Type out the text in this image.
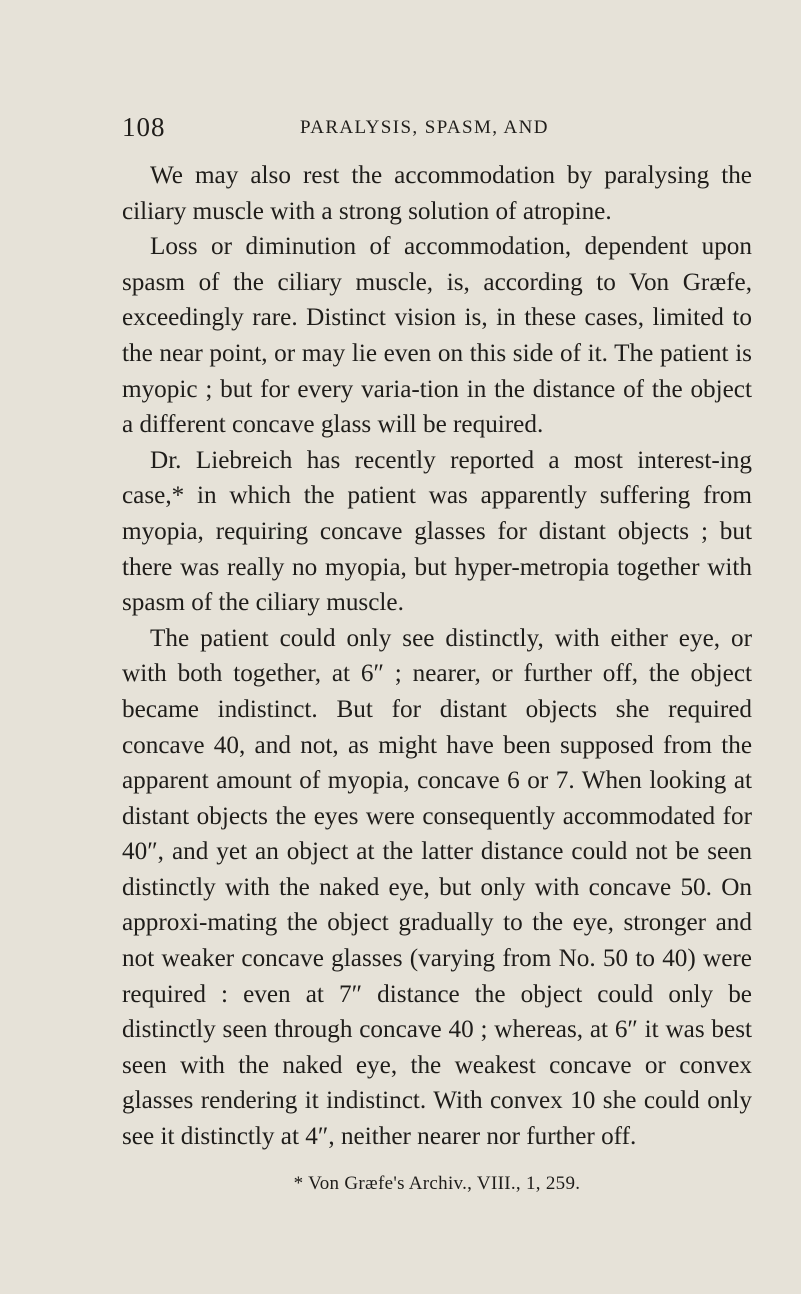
108	PARALYSIS, SPASM, AND

We may also rest the accommodation by paralysing the ciliary muscle with a strong solution of atropine.

Loss or diminution of accommodation, dependent upon spasm of the ciliary muscle, is, according to Von Græfe, exceedingly rare. Distinct vision is, in these cases, limited to the near point, or may lie even on this side of it. The patient is myopic ; but for every varia-tion in the distance of the object a different concave glass will be required.

Dr. Liebreich has recently reported a most interest-ing case,* in which the patient was apparently suffering from myopia, requiring concave glasses for distant objects ; but there was really no myopia, but hyper-metropia together with spasm of the ciliary muscle.

The patient could only see distinctly, with either eye, or with both together, at 6″ ; nearer, or further off, the object became indistinct. But for distant objects she required concave 40, and not, as might have been supposed from the apparent amount of myopia, concave 6 or 7. When looking at distant objects the eyes were consequently accommodated for 40″, and yet an object at the latter distance could not be seen distinctly with the naked eye, but only with concave 50. On approxi-mating the object gradually to the eye, stronger and not weaker concave glasses (varying from No. 50 to 40) were required : even at 7″ distance the object could only be distinctly seen through concave 40 ; whereas, at 6″ it was best seen with the naked eye, the weakest concave or convex glasses rendering it indistinct. With convex 10 she could only see it distinctly at 4″, neither nearer nor further off.

* Von Græfe's Archiv., VIII., 1, 259.
